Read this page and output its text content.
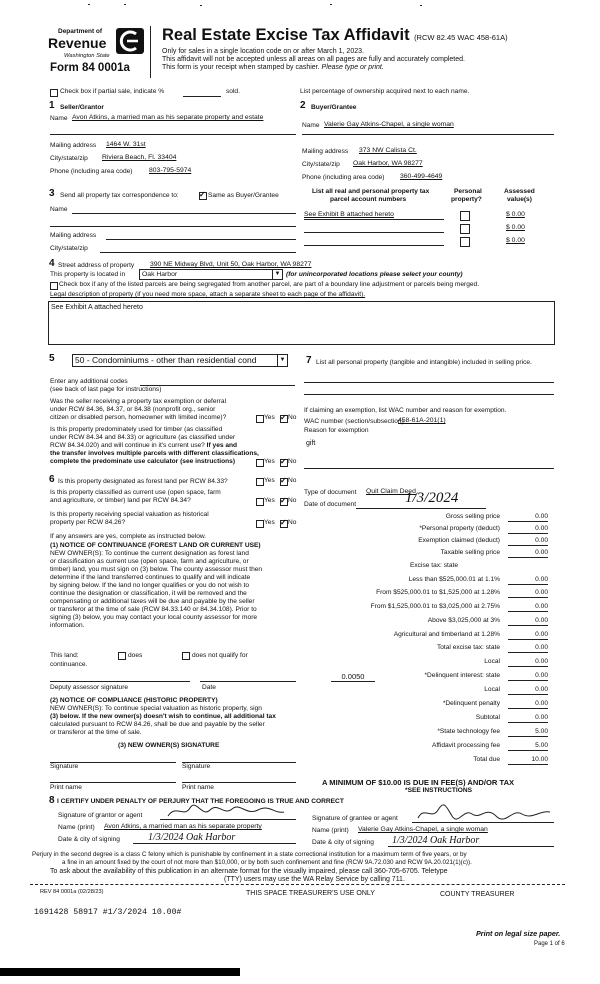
Department of
Revenue
Washington State
Form 84 0001a
Real Estate Excise Tax Affidavit (RCW 82.45 WAC 458-61A)
Only for sales in a single location code on or after March 1, 2023.
This affidavit will not be accepted unless all areas on all pages are fully and accurately completed.
This form is your receipt when stamped by cashier. Please type or print.
Check box if partial sale, indicate %	sold.	List percentage of ownership acquired next to each name.
1 Seller/Grantor
Name Avon Atkins, a married man as his separate property and estate
Mailing address 1464 W. 31st
City/state/zip Riviera Beach, Fl. 33404
Phone (including area code) 803-795-5974
2 Buyer/Grantee
Name Valerie Gay Atkins-Chapel, a single woman
Mailing address 373 NW Calista Ct.
City/state/zip Oak Harbor, WA 98277
Phone (including area code) 360-499-4649
3 Send all property tax correspondence to: ✓	Same as Buyer/Grantee
Name
Mailing address
City/state/zip
List all real and personal property tax
parcel account numbers
Personal
property?
Assessed
value(s)
See Exhibit B attached hereto	$ 0.00
$ 0.00
$ 0.00
4 Street address of property 390 NE Midway Blvd, Unit 50, Oak Harbor, WA 98277
This property is located in	Oak Harbor	▼ (for unincorporated locations please select your county)
Check box if any of the listed parcels are being segregated from another parcel, are part of a boundary line adjustment or parcels being merged.
Legal description of property (if you need more space, attach a separate sheet to each page of the affidavit).
See Exhibit A attached hereto
5	50 - Condominiums - other than residential cond	▼
Enter any additional codes
(see back of last page for instructions)
Was the seller receiving a property tax exemption or deferral
under RCW 84.36, 84.37, or 84.38 (nonprofit org., senior
citizen or disabled person, homeowner with limited income)?	Yes ✓ No
Is this property predominately used for timber (as classified
under RCW 84.34 and 84.33) or agriculture (as classified under
RCW 84.34.020) and will continue in it's current use? If yes and
the transfer involves multiple parcels with different classifications,
complete the predominate use calculator (see instructions)	Yes ✓ No
6 Is this property designated as forest land per RCW 84.33?	Yes ✓ No
Is this property classified as current use (open space, farm
and agriculture, or timber) land per RCW 84.34?	Yes ✓ No
Is this property receiving special valuation as historical
property per RCW 84.26?	Yes ✓ No
If any answers are yes, complete as instructed below.
(1) NOTICE OF CONTINUANCE (FOREST LAND OR CURRENT USE)
NEW OWNER(S): To continue the current designation as forest land
or classification as current use (open space, farm and agriculture, or
timber) land, you must sign on (3) below. The county assessor must then
determine if the land transferred continues to qualify and will indicate
by signing below. If the land no longer qualifies or you do not wish to
continue the designation or classification, it will be removed and the
compensating or additional taxes will be due and payable by the seller
or transferor at the time of sale (RCW 84.33.140 or 84.34.108). Prior to
signing (3) below, you may contact your local county assessor for more
information.
This land:	does	does not qualify for
continuance.
Deputy assessor signature	Date
(2) NOTICE OF COMPLIANCE (HISTORIC PROPERTY)
NEW OWNER(S): To continue special valuation as historic property, sign
(3) below. If the new owner(s) doesn't wish to continue, all additional tax
calculated pursuant to RCW 84.26, shall be due and payable by the seller
or transferor at the time of sale.
(3) NEW OWNER(S) SIGNATURE
Signature	Signature
Print name	Print name
7 List all personal property (tangible and intangible) included in selling price.
If claiming an exemption, list WAC number and reason for exemption.
WAC number (section/subsection)
458-61A-201(1)
Reason for exemption
gift
Type of document Quit Claim Deed
Date of document	1/3/2024
Gross selling price	0.00
*Personal property (deduct)	0.00
Exemption claimed (deduct)	0.00
Taxable selling price	0.00
Excise tax: state
Less than $525,000.01 at 1.1%	0.00
From $525,000.01 to $1,525,000 at 1.28%	0.00
From $1,525,000.01 to $3,025,000 at 2.75%	0.00
Above $3,025,000 at 3%	0.00
Agricultural and timberland at 1.28%	0.00
Total excise tax: state	0.00
Local	0.00
*Delinquent interest: state	0.00
Local	0.00
*Delinquent penalty	0.00
Subtotal	0.00
*State technology fee	5.00
Affidavit processing fee	5.00
Total due	10.00
0.0050
A MINIMUM OF $10.00 IS DUE IN FEE(S) AND/OR TAX
*SEE INSTRUCTIONS
8 I CERTIFY UNDER PENALTY OF PERJURY THAT THE FOREGOING IS TRUE AND CORRECT
Signature of grantor or agent
Name (print) Avon Atkins, a married man as his separate property
Date & city of signing	1/3/2024 Oak Harbor
Signature of grantee or agent
Name (print) Valerie Gay Atkins-Chapel, a single woman
Date & city of signing 1/3/2024 Oak Harbor
Perjury in the second degree is a class C felony which is punishable by confinement in a state correctional institution for a maximum term of five years, or by
a fine in an amount fixed by the court of not more than $10,000, or by both such confinement and fine (RCW 9A.72.030 and RCW 9A.20.021(1)(c)).
To ask about the availability of this publication in an alternate format for the visually impaired, please call 360-705-6705. Teletype
(TTY) users may use the WA Relay Service by calling 711.
REV 84 0001a (02/28/23)	THIS SPACE TREASURER'S USE ONLY	COUNTY TREASURER
1691428 58917 #1/3/2024 10.00#
Print on legal size paper.
Page 1 of 6
